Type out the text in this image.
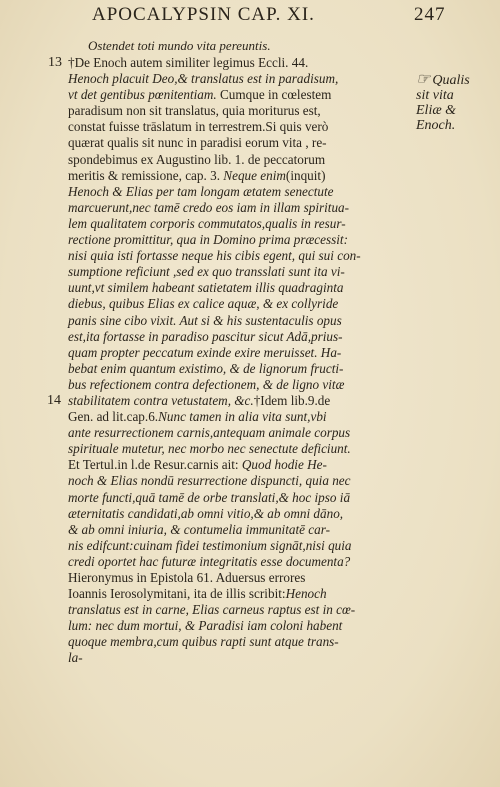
APOCALYPSIN CAP. XI.	247
Ostendet toti mundo vita pereuntis.
13
14
☞ Qualis
sit vita
Eliæ &
Enoch.
†De Enoch autem similiter legimus Eccli. 44.
Henoch placuit Deo,& translatus est in paradisum,
vt det gentibus pœnitentiam. Cumque in cœlestem
paradisum non sit translatus, quia moriturus est,
constat fuisse trāslatum in terrestrem.Si quis verò
quærat qualis sit nunc in paradisi eorum vita , re-
spondebimus ex Augustino lib. 1. de peccatorum
meritis & remissione, cap. 3. Neque enim(inquit)
Henoch & Elias per tam longam ætatem senectute
marcuerunt,nec tamē credo eos iam in illam spiritua-
lem qualitatem corporis commutatos,qualis in resur-
rectione promittitur, qua in Domino prima præcessit:
nisi quia isti fortasse neque his cibis egent, qui sui con-
sumptione reficiunt ,sed ex quo transslati sunt ita vi-
uunt,vt similem habeant satietatem illis quadraginta
diebus, quibus Elias ex calice aquæ, & ex collyride
panis sine cibo vixit. Aut si & his sustentaculis opus
est,ita fortasse in paradiso pascitur sicut Adā,prius-
quam propter peccatum exinde exire meruisset. Ha-
bebat enim quantum existimo, & de lignorum fructi-
bus refectionem contra defectionem, & de ligno vitæ
stabilitatem contra vetustatem, &c.†Idem lib.9.de
Gen. ad lit.cap.6.Nunc tamen in alia vita sunt,vbi
ante resurrectionem carnis,antequam animale corpus
spirituale mutetur, nec morbo nec senectute deficiunt.
Et Tertul.in l.de Resur.carnis ait: Quod hodie He-
noch & Elias nondū resurrectione dispuncti, quia nec
morte functi,quā tamē de orbe translati,& hoc ipso iā
æternitatis candidati,ab omni vitio,& ab omni dāno,
& ab omni iniuria, & contumelia immunitatē car-
nis edifcunt:cuinam fidei testimonium signāt,nisi quia
credi oportet hac futuræ integritatis esse documenta?
Hieronymus in Epistola 61. Aduersus errores
Ioannis Ierosolymitani, ita de illis scribit:Henoch
translatus est in carne, Elias carneus raptus est in cœ-
lum: nec dum mortui, & Paradisi iam coloni habent
quoque membra,cum quibus rapti sunt atque trans-
la-
